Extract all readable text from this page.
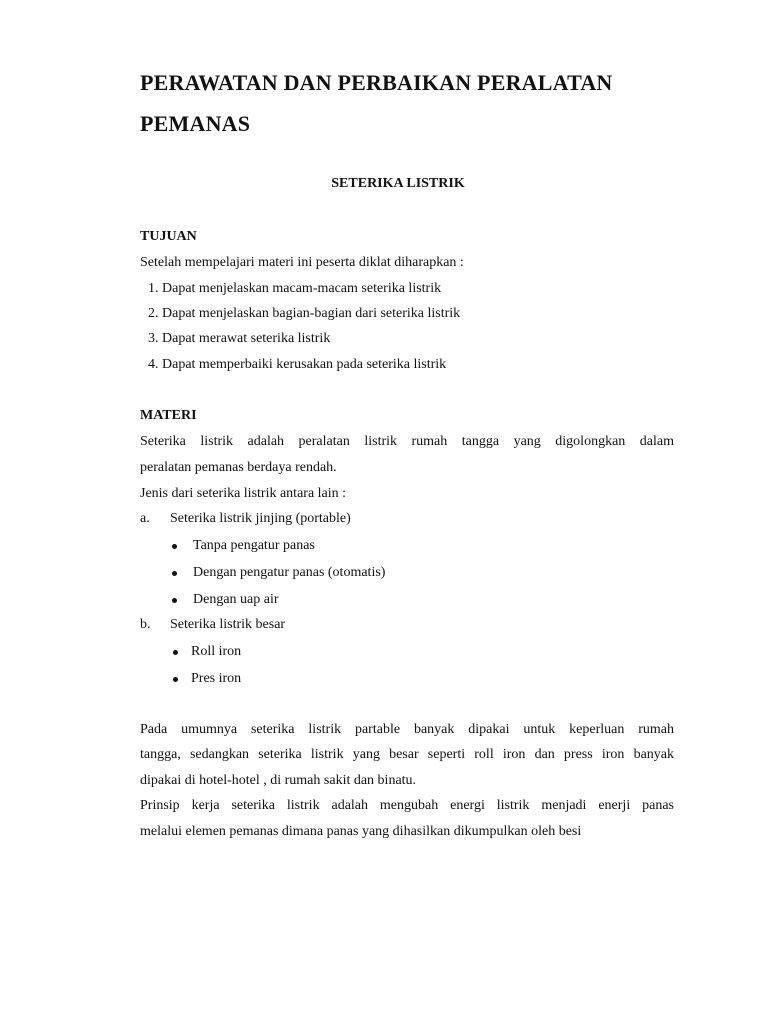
PERAWATAN DAN PERBAIKAN PERALATAN
PEMANAS
SETERIKA LISTRIK
TUJUAN

Setelah mempelajari materi ini peserta diklat diharapkan :

1. Dapat menjelaskan macam-macam seterika listrik

2. Dapat menjelaskan bagian-bagian dari seterika listrik

3. Dapat merawat seterika listrik

4. Dapat memperbaiki kerusakan pada seterika listrik

MATERI

Seterika listrik adalah peralatan listrik rumah tangga yang digolongkan dalam

peralatan pemanas berdaya rendah.

Jenis dari seterika listrik antara lain :

a. Seterika listrik jinjing (portable)
Tanpa pengatur panas
Dengan pengatur panas (otomatis)
Dengan uap air
b. Seterika listrik besar
Roll iron
Pres iron

Pada umumnya seterika listrik partable banyak dipakai untuk keperluan rumah

tangga, sedangkan seterika listrik yang besar seperti roll iron dan press iron banyak

dipakai di hotel-hotel , di rumah sakit dan binatu.

Prinsip kerja seterika listrik adalah mengubah energi listrik menjadi enerji panas

melalui elemen pemanas dimana panas yang dihasilkan dikumpulkan oleh besi
